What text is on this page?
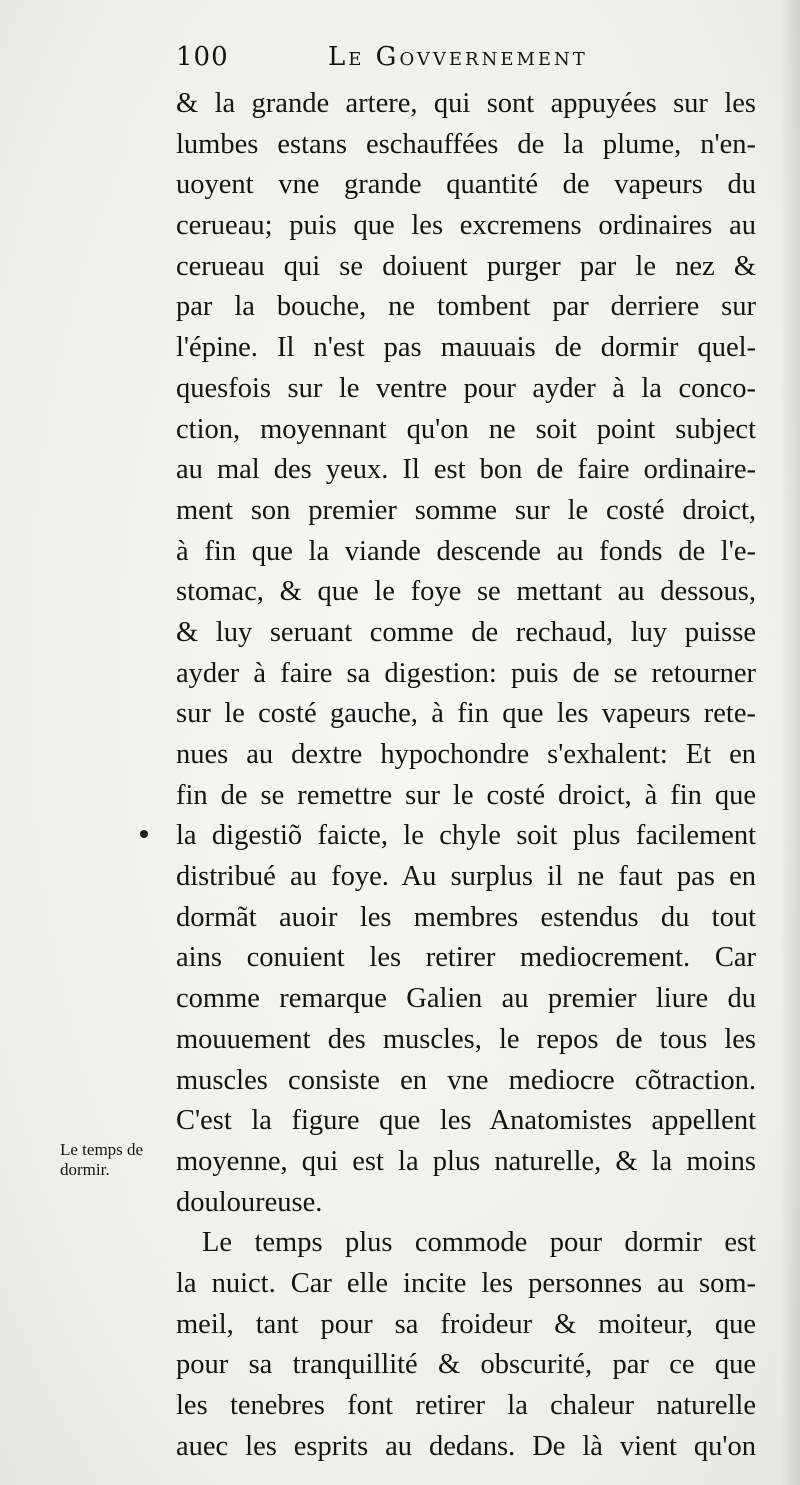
100	Le Govvernement
Le temps de
dormir.
& la grande artere, qui sont appuyées sur les
lumbes estans eschauffées de la plume, n'en-
uoyent vne grande quantité de vapeurs du
cerueau; puis que les excremens ordinaires au
cerueau qui se doiuent purger par le nez &
par la bouche, ne tombent par derriere sur
l'épine. Il n'est pas mauuais de dormir quel-
quesfois sur le ventre pour ayder à la conco-
ction, moyennant qu'on ne soit point subject
au mal des yeux. Il est bon de faire ordinaire-
ment son premier somme sur le costé droict,
à fin que la viande descende au fonds de l'e-
stomac, & que le foye se mettant au dessous,
& luy seruant comme de rechaud, luy puisse
ayder à faire sa digestion: puis de se retourner
sur le costé gauche, à fin que les vapeurs rete-
nues au dextre hypochondre s'exhalent: Et en
fin de se remettre sur le costé droict, à fin que
la digestiõ faicte, le chyle soit plus facilement
distribué au foye. Au surplus il ne faut pas en
dormãt auoir les membres estendus du tout
ains conuient les retirer mediocrement. Car
comme remarque Galien au premier liure du
mouuement des muscles, le repos de tous les
muscles consiste en vne mediocre cõtraction.
C'est la figure que les Anatomistes appellent
moyenne, qui est la plus naturelle, & la moins
douloureuse.
Le temps plus commode pour dormir est
la nuict. Car elle incite les personnes au som-
meil, tant pour sa froideur & moiteur, que
pour sa tranquillité & obscurité, par ce que
les tenebres font retirer la chaleur naturelle
auec les esprits au dedans. De là vient qu'on
